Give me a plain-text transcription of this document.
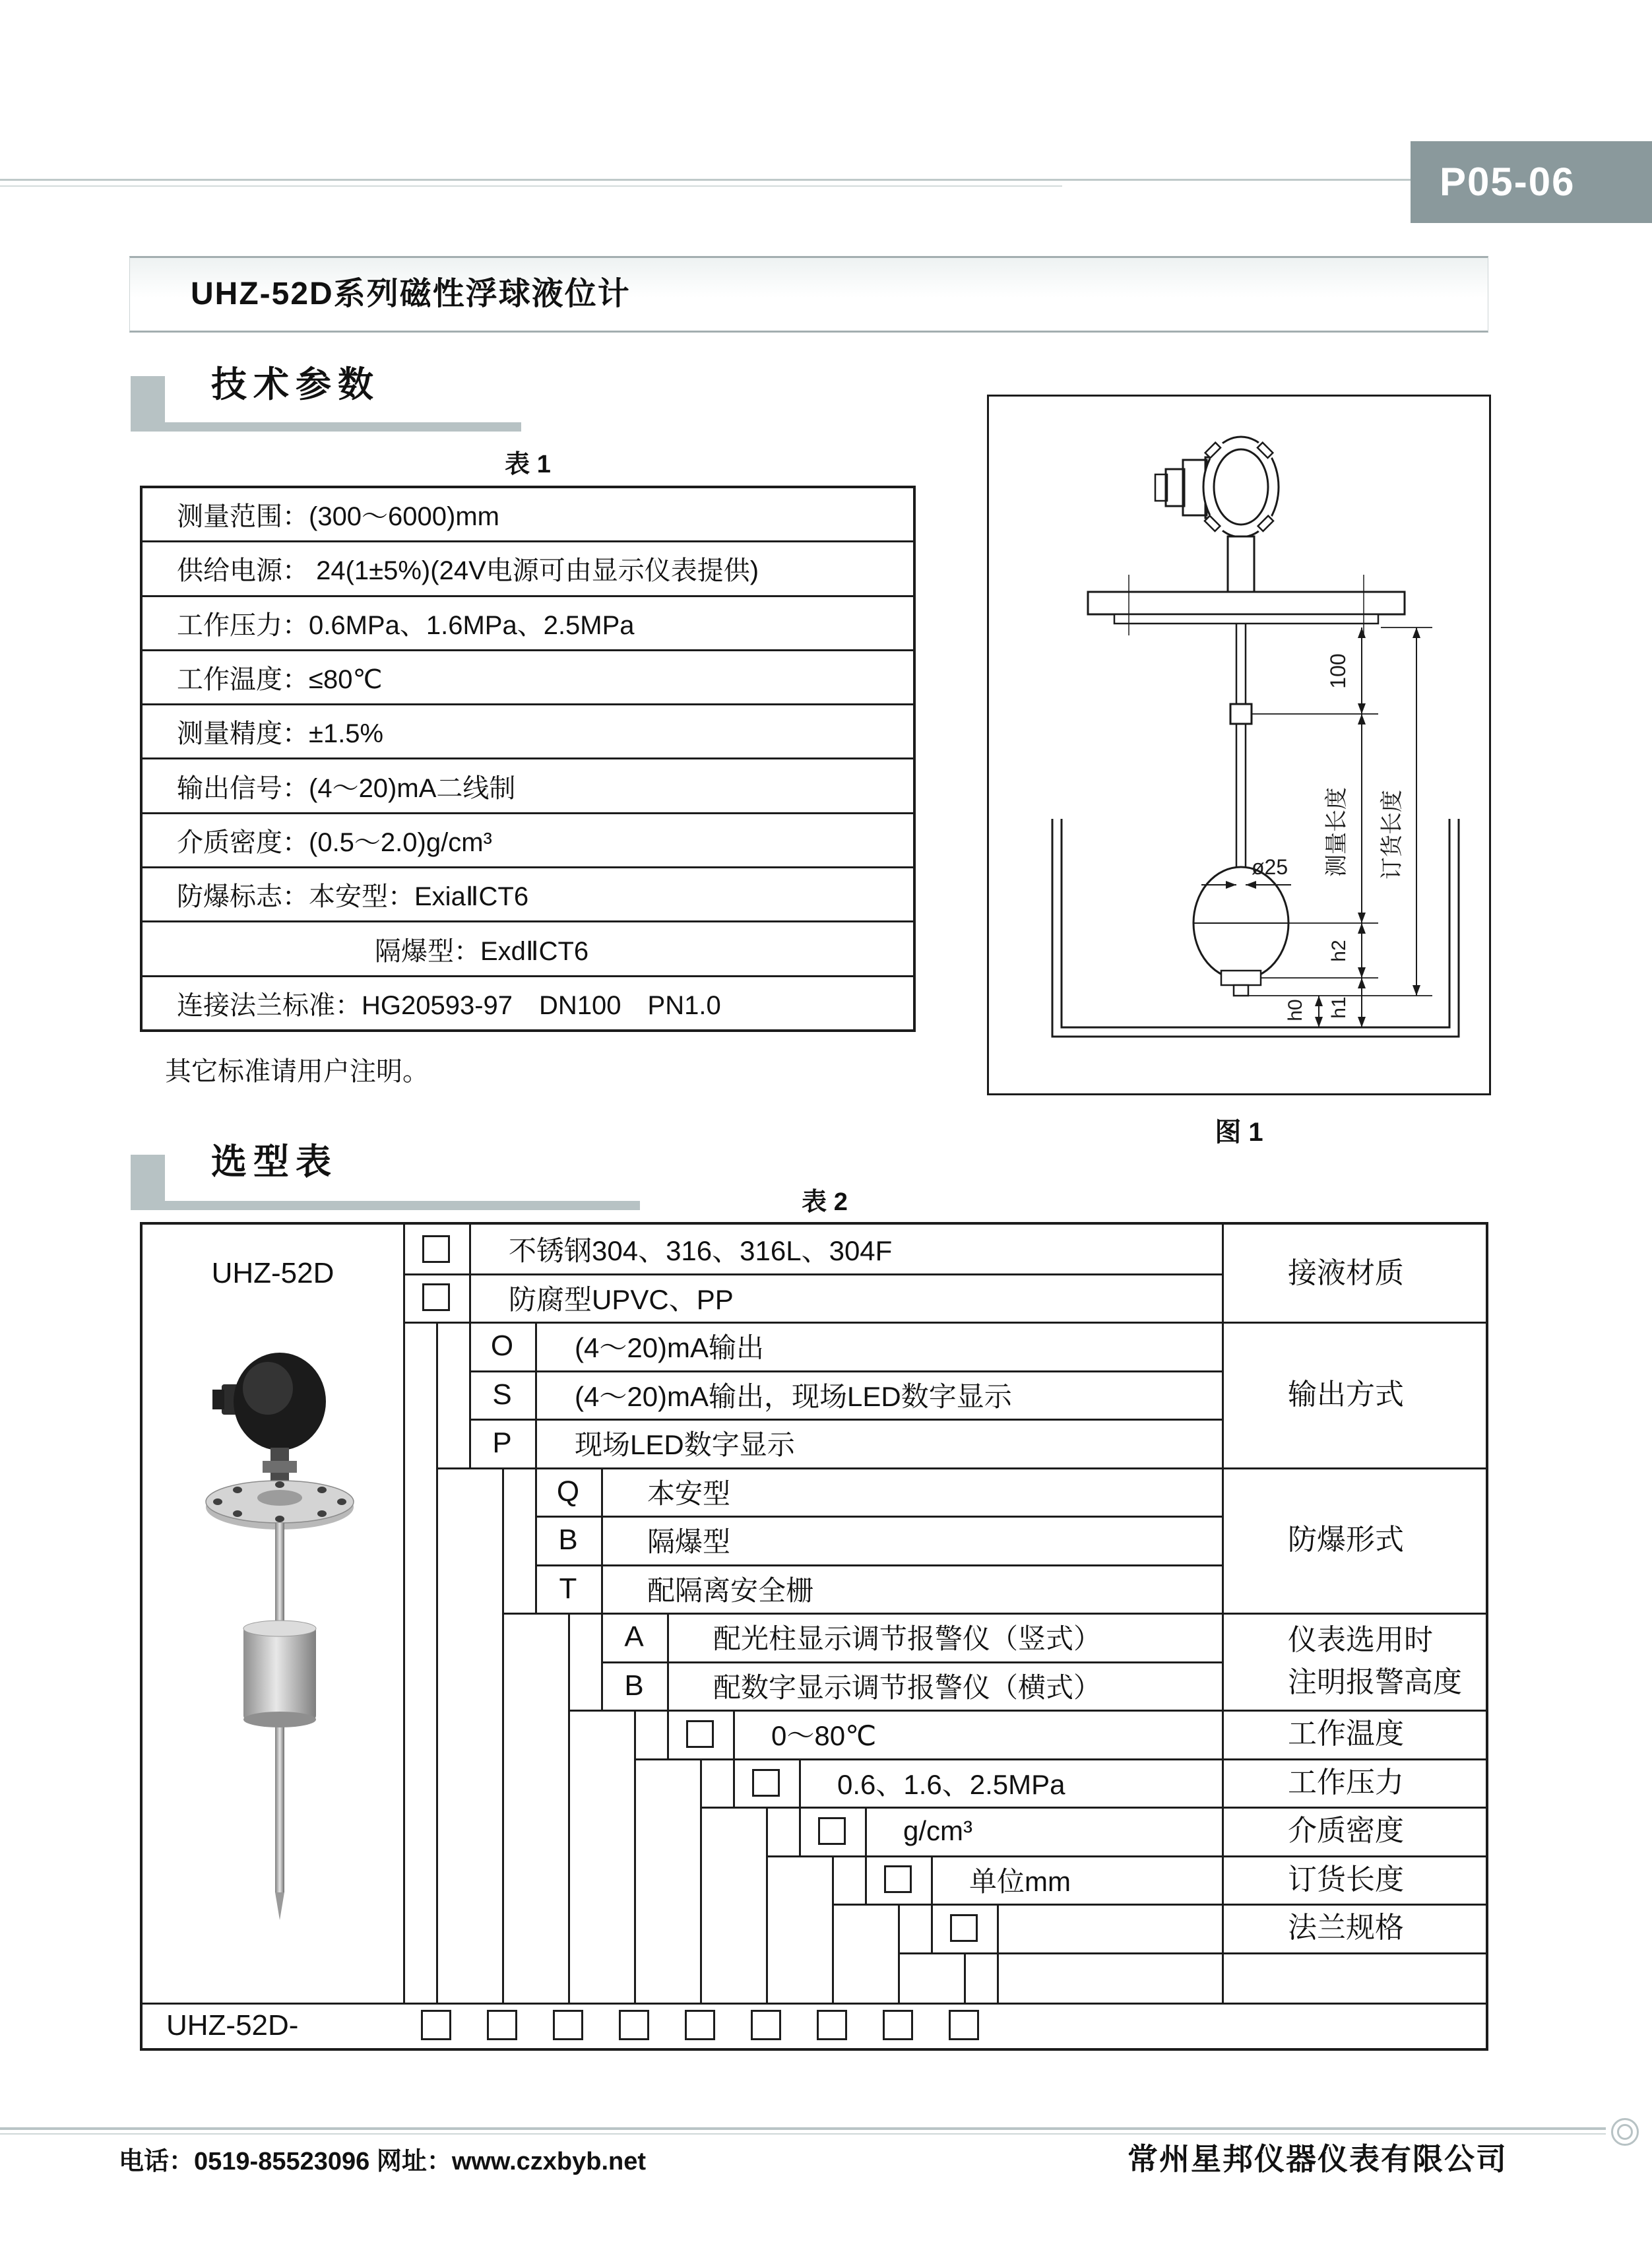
P05-06
UHZ-52D系列磁性浮球液位计
技术参数
表 1
测量范围：(300～6000)mm
供给电源： 24(1±5%)(24V电源可由显示仪表提供)
工作压力：0.6MPa、1.6MPa、2.5MPa
工作温度：≤80℃
测量精度：±1.5%
输出信号：(4～20)mA二线制
介质密度：(0.5～2.0)g/cm³
防爆标志：本安型：ExiaⅡCT6
隔爆型：ExdⅡCT6
连接法兰标准：HG20593-97　DN100　PN1.0
其它标准请用户注明。
100
ø25 测量长度 订货长度
h2
h1
h0
图 1
选型表
表 2
UHZ-52D
不锈钢304、316、316L、304F
防腐型UPVC、PP
O
S
P
(4～20)mA输出
(4～20)mA输出，现场LED数字显示
现场LED数字显示
Q
B
T
本安型
隔爆型
配隔离安全栅
A
B
配光柱显示调节报警仪（竖式）
配数字显示调节报警仪（横式）
0～80℃
0.6、1.6、2.5MPa
g/cm³
单位mm
接液材质
输出方式
防爆形式
仪表选用时
注明报警高度
工作温度
工作压力
介质密度
订货长度
法兰规格
UHZ-52D-
电话：0519-85523096 网址：www.czxbyb.net	常州星邦仪器仪表有限公司
